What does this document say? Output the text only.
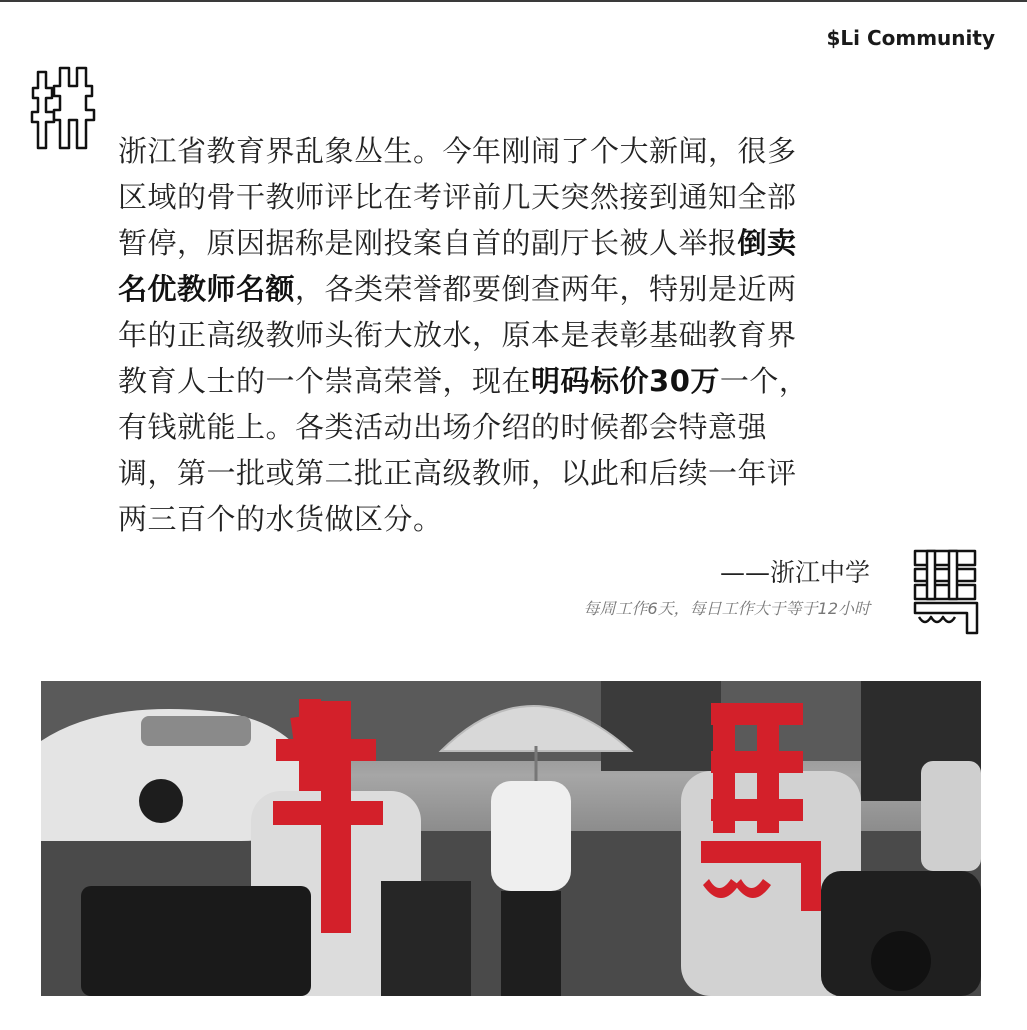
$Li Community
浙江省教育界乱象丛生。今年刚闹了个大新闻，很多
区域的骨干教师评比在考评前几天突然接到通知全部
暂停，原因据称是刚投案自首的副厅长被人举报倒卖
名优教师名额，各类荣誉都要倒查两年，特别是近两
年的正高级教师头衔大放水，原本是表彰基础教育界
教育人士的一个崇高荣誉，现在明码标价30万一个，
有钱就能上。各类活动出场介绍的时候都会特意强
调，第一批或第二批正高级教师，以此和后续一年评
两三百个的水货做区分。
——浙江中学
每周工作6天，每日工作大于等于12小时
